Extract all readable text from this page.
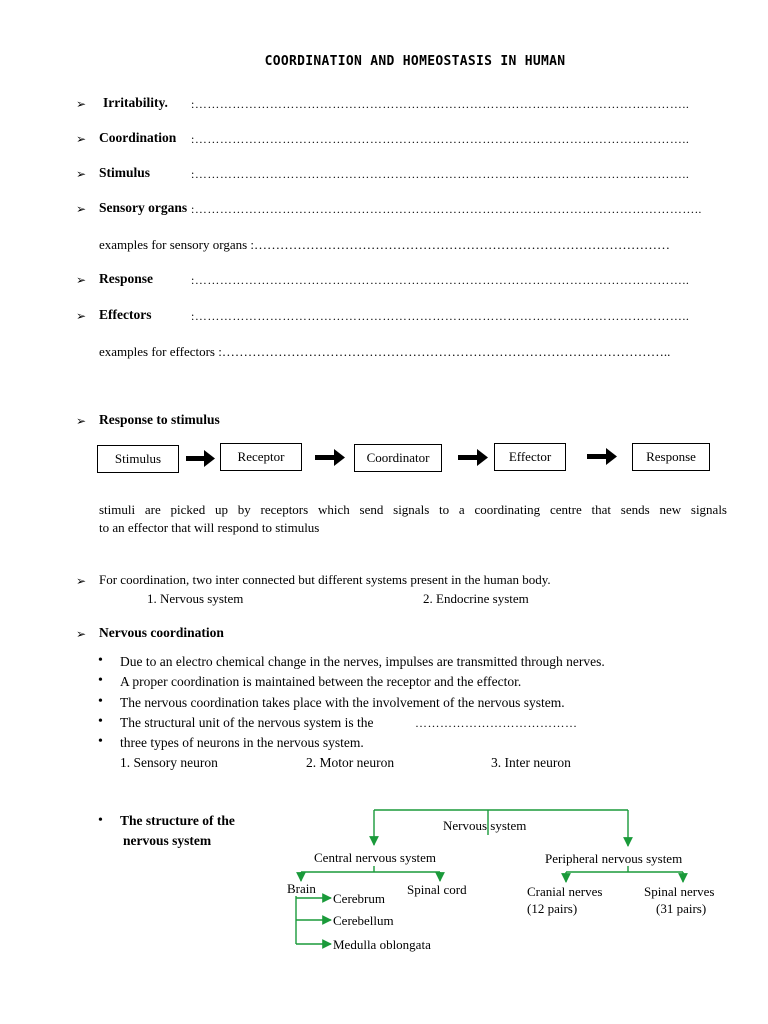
COORDINATION AND HOMEOSTASIS IN HUMAN
➢ Irritability. :………………………………………………………………………………………………………..
➢ Coordination :………………………………………………………………………………………………………..
➢ Stimulus	:………………………………………………………………………………………………………..
➢ Sensory organs :…………………………………………………………………………………………………………..
examples for sensory organs :……………………………………………………………………………………
➢ Response	:………………………………………………………………………………………………………..
➢ Effectors	:………………………………………………………………………………………………………..
examples for effectors :…………………………………………………………………………………………..
➢ Response to stimulus
Stimulus	Receptor	Coordinator	Effector	Response
stimuli are picked up by receptors which send signals to a coordinating centre that sends new signals
to an effector that will respond to stimulus
➢ For coordination, two inter connected but different systems present in the human body.
1. Nervous system	2. Endocrine system
➢ Nervous coordination
• Due to an electro chemical change in the nerves, impulses are transmitted through nerves.
• A proper coordination is maintained between the receptor and the effector.
• The nervous coordination takes place with the involvement of the nervous system.
• The structural unit of the nervous system is the	…………………………………
• three types of neurons in the nervous system.
1. Sensory neuron	2. Motor neuron	3. Inter neuron
• The structure of the
nervous system
Nervous system
Central nervous system	Peripheral nervous system
Brain	Spinal cord	Cranial nerves
(12 pairs)
Spinal nerves
(31 pairs)
Cerebrum
Cerebellum
Medulla oblongata
